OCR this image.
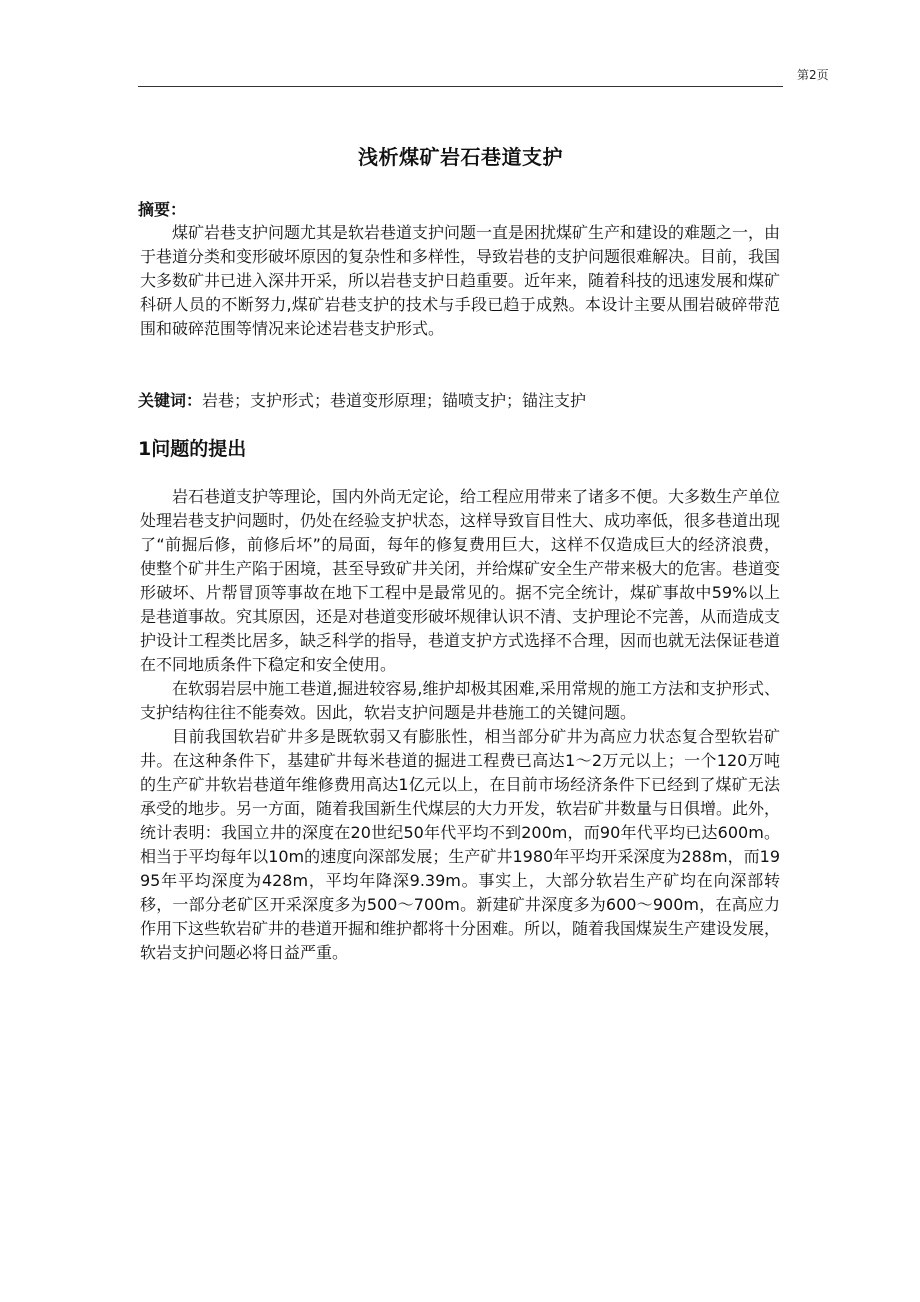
第2页
浅析煤矿岩石巷道支护
摘要：

煤矿岩巷支护问题尤其是软岩巷道支护问题一直是困扰煤矿生产和建设的难题之一，由于巷道分类和变形破坏原因的复杂性和多样性，导致岩巷的支护问题很难解决。目前，我国大多数矿井已进入深井开采，所以岩巷支护日趋重要。近年来，随着科技的迅速发展和煤矿科研人员的不断努力,煤矿岩巷支护的技术与手段已趋于成熟。本设计主要从围岩破碎带范围和破碎范围等情况来论述岩巷支护形式。

关键词：岩巷；支护形式；巷道变形原理；锚喷支护；锚注支护
1问题的提出

岩石巷道支护等理论，国内外尚无定论，给工程应用带来了诸多不便。大多数生产单位处理岩巷支护问题时，仍处在经验支护状态，这样导致盲目性大、成功率低，很多巷道出现了“前掘后修，前修后坏”的局面，每年的修复费用巨大，这样不仅造成巨大的经济浪费，使整个矿井生产陷于困境，甚至导致矿井关闭，并给煤矿安全生产带来极大的危害。巷道变形破坏、片帮冒顶等事故在地下工程中是最常见的。据不完全统计，煤矿事故中59%以上是巷道事故。究其原因，还是对巷道变形破坏规律认识不清、支护理论不完善，从而造成支护设计工程类比居多，缺乏科学的指导，巷道支护方式选择不合理，因而也就无法保证巷道在不同地质条件下稳定和安全使用。

在软弱岩层中施工巷道,掘进较容易,维护却极其困难,采用常规的施工方法和支护形式、支护结构往往不能奏效。因此，软岩支护问题是井巷施工的关键问题。

目前我国软岩矿井多是既软弱又有膨胀性，相当部分矿井为高应力状态复合型软岩矿井。在这种条件下，基建矿井每米巷道的掘进工程费已高达1～2万元以上；一个120万吨的生产矿井软岩巷道年维修费用高达1亿元以上，在目前市场经济条件下已经到了煤矿无法承受的地步。另一方面，随着我国新生代煤层的大力开发，软岩矿井数量与日俱增。此外，统计表明：我国立井的深度在20世纪50年代平均不到200m，而90年代平均已达600m。相当于平均每年以10m的速度向深部发展；生产矿井1980年平均开采深度为288m，而1995年平均深度为428m，平均年降深9.39m。事实上，大部分软岩生产矿均在向深部转移，一部分老矿区开采深度多为500～700m。新建矿井深度多为600～900m，在高应力作用下这些软岩矿井的巷道开掘和维护都将十分困难。所以，随着我国煤炭生产建设发展，软岩支护问题必将日益严重。
